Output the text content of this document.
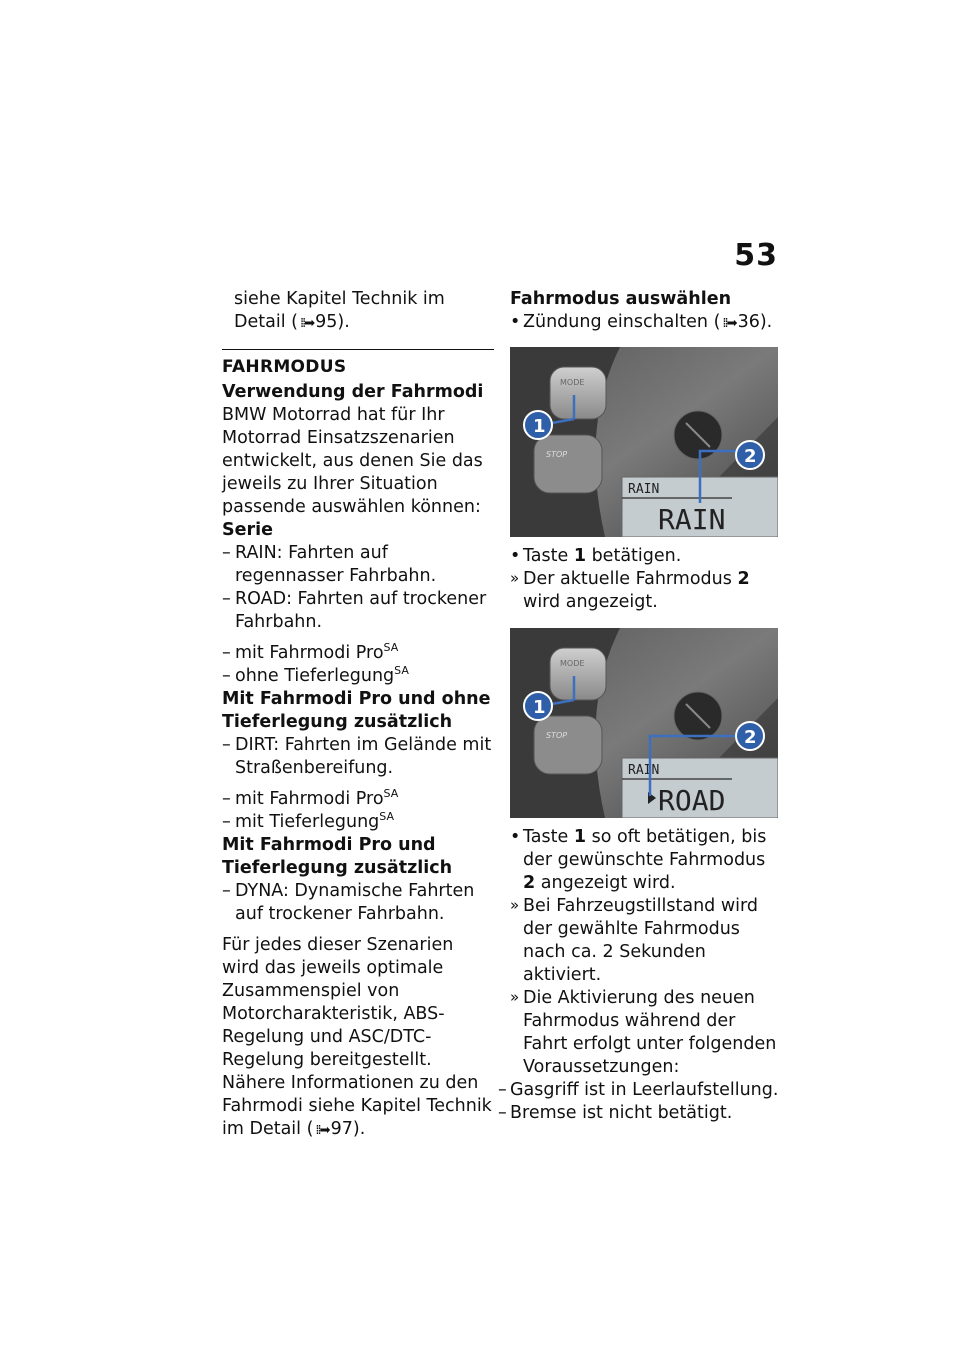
53

siehe Kapitel Technik im

Detail ( ⁞⁞➡ 95).

FAHRMODUS

Verwendung der Fahrmodi

BMW Motorrad hat für Ihr Motorrad Einsatzszenarien entwickelt, aus denen Sie das jeweils zu Ihrer Situation passende auswählen können:

Serie

– RAIN: Fahrten auf regennasser Fahrbahn.

– ROAD: Fahrten auf trockener Fahrbahn.

– mit Fahrmodi Pro$^{SA}$

– ohne Tieferlegung$^{SA}$

Mit Fahrmodi Pro und ohne Tieferlegung zusätzlich

– DIRT: Fahrten im Gelände mit Straßenbereifung.

– mit Fahrmodi Pro$^{SA}$

– mit Tieferlegung$^{SA}$

Mit Fahrmodi Pro und Tieferlegung zusätzlich

– DYNA: Dynamische Fahrten auf trockener Fahrbahn.

Für jedes dieser Szenarien wird das jeweils optimale Zusammenspiel von Motorcharakteristik, ABS-Regelung und ASC/DTC-Regelung bereitgestellt.

Nähere Informationen zu den Fahrmodi siehe Kapitel Technik im Detail ( ⁞⁞➡ 97).

Fahrmodus auswählen

• Zündung einschalten ( ⁞⁞➡ 36).

MODE
STOP
RAIN
RAIN
1
2

• Taste 1 betätigen.

» Der aktuelle Fahrmodus 2 wird angezeigt.

MODE
STOP
RAIN
ROAD
1
2

• Taste 1 so oft betätigen, bis der gewünschte Fahrmodus 2 angezeigt wird.

» Bei Fahrzeugstillstand wird der gewählte Fahrmodus nach ca. 2 Sekunden aktiviert.

» Die Aktivierung des neuen Fahrmodus während der Fahrt erfolgt unter folgenden Voraussetzungen:

– Gasgriff ist in Leerlaufstellung.

– Bremse ist nicht betätigt.
